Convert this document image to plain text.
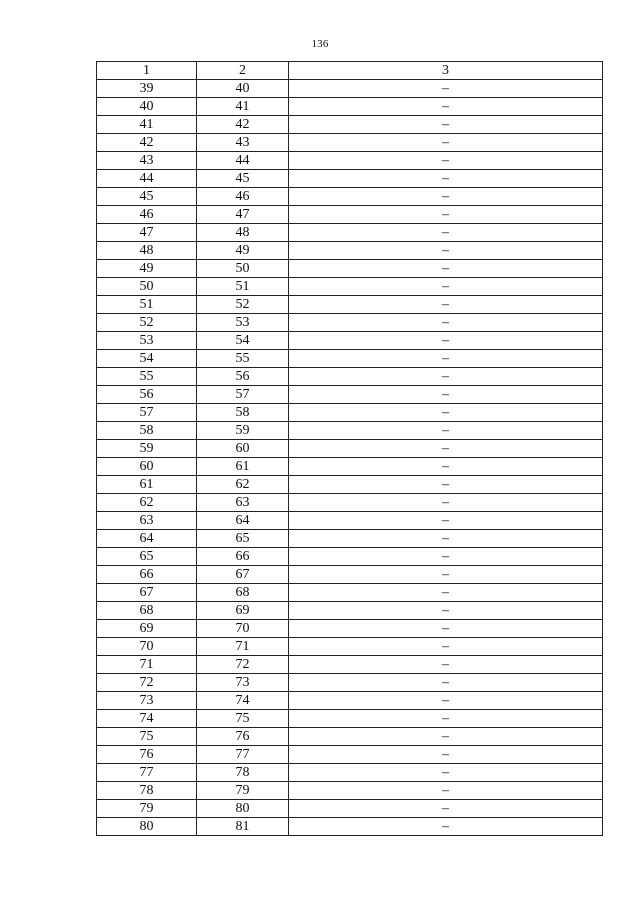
136
1	2	3
39	40	–
40	41	–
41	42	–
42	43	–
43	44	–
44	45	–
45	46	–
46	47	–
47	48	–
48	49	–
49	50	–
50	51	–
51	52	–
52	53	–
53	54	–
54	55	–
55	56	–
56	57	–
57	58	–
58	59	–
59	60	–
60	61	–
61	62	–
62	63	–
63	64	–
64	65	–
65	66	–
66	67	–
67	68	–
68	69	–
69	70	–
70	71	–
71	72	–
72	73	–
73	74	–
74	75	–
75	76	–
76	77	–
77	78	–
78	79	–
79	80	–
80	81	–
